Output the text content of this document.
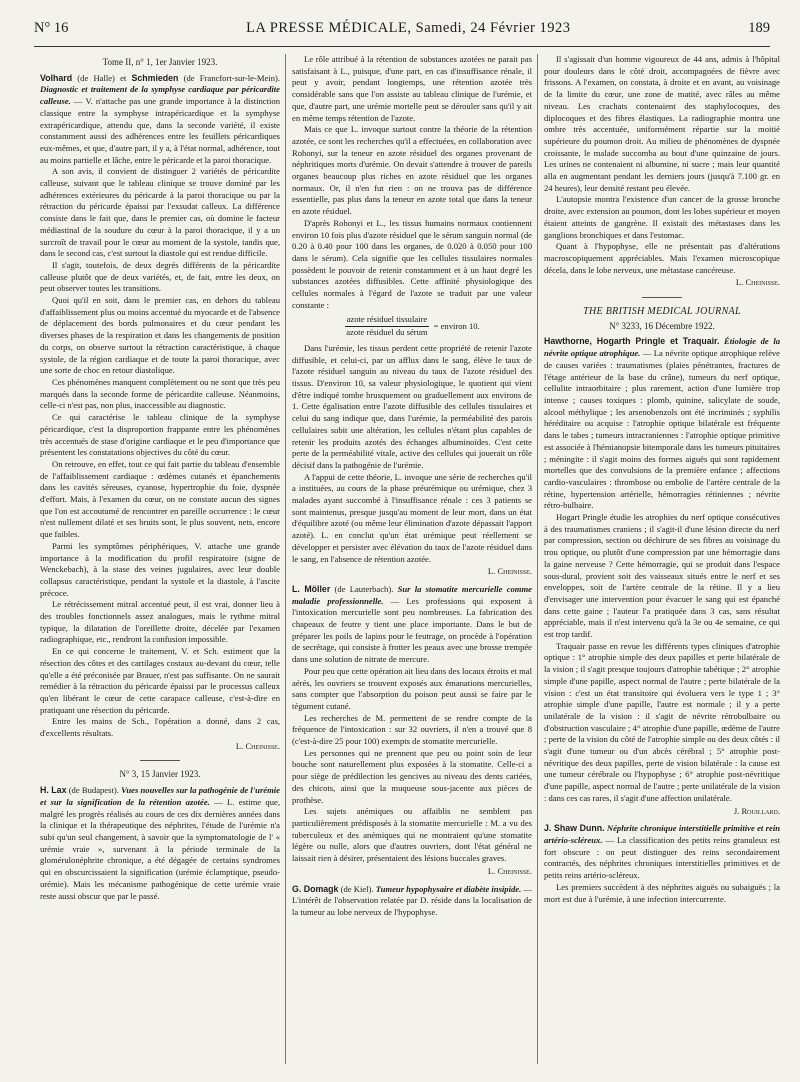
N° 16	LA PRESSE MÉDICALE, Samedi, 24 Février 1923	189
Tome II, n° 1, 1er Janvier 1923.

Volhard (de Halle) et Schmieden (de Francfort-sur-le-Mein). Diagnostic et traitement de la symphyse cardiaque par péricardite calleuse. — V. n'attache pas une grande importance à la distinction classique entre la symphyse intrapéricardique et la symphyse extrapéricardique, attendu que, dans la seconde variété, il existe constamment aussi des adhérences entre les feuillets péricardiques eux-mêmes, et que, d'autre part, il y a, à l'état normal, adhérence, tout au moins partielle et lâche, entre le péricarde et la paroi thoracique.

A son avis, il convient de distinguer 2 variétés de péricardite calleuse, suivant que le tableau clinique se trouve dominé par les adhérences extérieures du péricarde à la paroi thoracique ou par la rétraction du péricarde épaissi par l'exsudat calleux. La différence consiste dans le fait que, dans le premier cas, où domine le facteur médiastinal de la soudure du cœur à la paroi thoracique, il y a un surcroît de travail pour le cœur au moment de la systole, tandis que, dans le second cas, c'est surtout la diastole qui est rendue difficile.

Il s'agit, toutefois, de deux degrés différents de la péricardite calleuse plutôt que de deux variétés, et, de fait, entre les deux, on peut observer toutes les transitions.

Quoi qu'il en soit, dans le premier cas, en dehors du tableau d'affaiblissement plus ou moins accentué du myocarde et de l'absence de déplacement des bords pulmonaires et du cœur pendant les diverses phases de la respiration et dans les changements de position du corps, on observe surtout la rétraction caractéristique, à chaque systole, de la région cardiaque et de toute la paroi thoracique, avec une sorte de choc en retour diastolique.

Ces phénomènes manquent complètement ou ne sont que très peu marqués dans la seconde forme de péricardite calleuse. Néanmoins, celle-ci n'est pas, non plus, inaccessible au diagnostic.

Ce qui caractérise le tableau clinique de la symphyse péricardique, c'est la disproportion frappante entre les phénomènes très accentués de stase d'origine cardiaque et le peu d'importance que présentent les constatations objectives du côté du cœur.

On retrouve, en effet, tout ce qui fait partie du tableau d'ensemble de l'affaiblissement cardiaque : œdèmes cutanés et épanchements dans les cavités séreuses, cyanose, hypertrophie du foie, dyspnée d'effort. Mais, à l'examen du cœur, on ne constate aucun des signes que l'on est accoutumé de rencontrer en pareille occurrence : le cœur n'est nullement dilaté et ses bruits sont, le plus souvent, nets, encore que faibles.

Parmi les symptômes périphériques, V. attache une grande importance à la modification du profil respiratoire (signe de Wenckebach), à la stase des veines jugulaires, avec leur double collapsus caractéristique, pendant la systole et la diastole, à l'ascite précoce.

Le rétrécissement mitral accentué peut, il est vrai, donner lieu à des troubles fonctionnels assez analogues, mais le rythme mitral typique, la dilatation de l'oreillette droite, décelée par l'examen radiographique, etc., rendront la confusion impossible.

En ce qui concerne le traitement, V. et Sch. estiment que la résection des côtes et des cartilages costaux au-devant du cœur, telle qu'elle a été préconisée par Brauer, n'est pas suffisante. On ne saurait remédier à la rétraction du péricarde épaissi par le processus calleux qu'en libérant le cœur de cette carapace calleuse, c'est-à-dire en pratiquant une résection du péricarde.

Entre les mains de Sch., l'opération a donné, dans 2 cas, d'excellents résultats.

L. Cheinisse.
N° 3, 15 Janvier 1923.

H. Lax (de Budapest). Vues nouvelles sur la pathogénie de l'urémie et sur la signification de la rétention azotée. — L. estime que, malgré les progrès réalisés au cours de ces dix dernières années dans la clinique et la thérapeutique des néphrites, l'étude de l'urémie n'a subi qu'un seul changement, à savoir que la symptomatologie de l' « urémie vraie », survenant à la période terminale de la glomérulonéphrite chronique, a été dégagée de certains syndromes qui en obscurcissaient la signification (urémie éclamptique, pseudo-urémie). Mais les mécanisme pathogénique de cette urémie vraie reste aussi obscur que par le passé.

Le rôle attribué à la rétention de substances azotées ne parait pas satisfaisant à L., puisque, d'une part, en cas d'insuffisance rénale, il peut y avoir, pendant longtemps, une rétention azotée très considérable sans que l'on assiste au tableau clinique de l'urémie, et que, d'autre part, une urémie mortelle peut se dérouler sans qu'il y ait en même temps rétention de l'azote.

Mais ce que L. invoque surtout contre la théorie de la rétention azotée, ce sont les recherches qu'il a effectuées, en collaboration avec Rohonyi, sur la teneur en azote résiduel des organes provenant de néphritiques morts d'urémie. On devait s'attendre à trouver de pareils organes beaucoup plus riches en azote résiduel que les organes normaux. Or, il n'en fut rien : on ne trouva pas de différence essentielle, pas plus dans la teneur en azote total que dans la teneur en azote résiduel.

D'après Rohonyi et L., les tissus humains normaux contiennent environ 10 fois plus d'azote résiduel que le sérum sanguin normal (de 0.20 à 0.40 pour 100 dans les organes, de 0.020 à 0.050 pour 100 dans le sérum). Cela signifie que les cellules tissulaires normales possèdent le pouvoir de retenir constamment et à un haut degré les substances azotées diffusibles. Cette affinité physiologique des cellules normales à l'égard de l'azote se traduit par une valeur constante :

$\frac{\text{azote résiduel tissulaire}}{\text{azote résiduel du sérum}}$ = environ 10.

Dans l'urémie, les tissus perdent cette propriété de retenir l'azote diffusible, et celui-ci, par un afflux dans le sang, élève le taux de l'azote résiduel sanguin au niveau du taux de l'azote résiduel des tissus. D'environ 10, sa valeur physiologique, le quotient qui vient d'être indiqué tombe brusquement ou graduellement aux environs de 1. Cette égalisation entre l'azote diffusible des cellules tissulaires et celui du sang indique que, dans l'urémie, la perméabilité des parois cellulaires subit une altération, les cellules n'étant plus capables de retenir les produits azotés des échanges albuminoïdes. C'est cette perte de la perméabilité vitale, active des cellules qui jouerait un rôle décisif dans la pathogénie de l'urémie.

A l'appui de cette théorie, L. invoque une série de recherches qu'il a instituées, au cours de la phase préurémique ou urémique, chez 3 malades ayant succombé à l'insuffisance rénale : ces 3 patients se sont maintenus, presque jusqu'au moment de leur mort, dans un état d'équilibre azoté (ou même leur élimination d'azote dépassait l'apport azoté). L. en conclut qu'un état urémique peut réellement se développer et persister avec élévation du taux de l'azote résiduel dans le sang, en l'absence de rétention azotée.

L. Cheinisse.

L. Möller (de Lauterbach). Sur la stomatite mercurielle comme maladie professionnelle. — Les professions qui exposent à l'intoxication mercurielle sont peu nombreuses. La fabrication des chapeaux de feutre y tient une place importante. Dans le but de préparer les poils de lapins pour le feutrage, on procède à l'opération de secrétage, qui consiste à frotter les peaux avec une brosse trempée dans une solution de nitrate de mercure.

Pour peu que cette opération ait lieu dans des locaux étroits et mal aérés, les ouvriers se trouvent exposés aux émanations mercurielles, sans compter que l'absorption du poison peut aussi se faire par le tégument cutané.

Les recherches de M. permettent de se rendre compte de la fréquence de l'intoxication : sur 32 ouvriers, il n'en a trouvé que 8 (c'est-à-dire 25 pour 100) exempts de stomatite mercurielle.

Les personnes qui ne prennent que peu ou point soin de leur bouche sont naturellement plus exposées à la stomatite. Celle-ci a pour siège de prédilection les gencives au niveau des dents cariées, des chicots, ainsi que la muqueuse sous-jacente aux pièces de prothèse.

Les sujets anémiques ou affaiblis ne semblent pas particulièrement prédisposés à la stomatite mercurielle : M. a vu des tuberculeux et des anémiques qui ne montraient qu'une stomatite légère ou nulle, alors que d'autres ouvriers, dont l'état général ne laissait rien à désirer, présentaient des lésions buccales graves.

L. Cheinisse.

G. Domagk (de Kiel). Tumeur hypophysaire et diabète insipide. — L'intérêt de l'observation relatée par D. réside dans la localisation de la tumeur au lobe nerveux de l'hypophyse.

Il s'agissait d'un homme vigoureux de 44 ans, admis à l'hôpital pour douleurs dans le côté droit, accompagnées de fièvre avec frissons. A l'examen, on constata, à droite et en avant, au voisinage de la limite du cœur, une zone de matité, avec râles au même niveau. Les crachats contenaient des staphylocoques, des diplocoques et des fibres élastiques. La radiographie montra une ombre très accentuée, uniformément répartie sur la moitié supérieure du poumon droit. Au milieu de phénomènes de dyspnée croissante, le malade succomba au bout d'une quinzaine de jours. Les urines ne contenaient ni albumine, ni sucre ; mais leur quantité alla en augmentant pendant les derniers jours (jusqu'à 7.100 gr. en 24 heures), leur densité restant peu élevée.

L'autopsie montra l'existence d'un cancer de la grosse bronche droite, avec extension au poumon, dont les lobes supérieur et moyen étaient atteints de gangrène. Il existait des métastases dans les ganglions bronchiques et dans l'estomac.

Quant à l'hypophyse, elle ne présentait pas d'altérations macroscopiquement appréciables. Mais l'examen microscopique décela, dans le lobe nerveux, une métastase cancéreuse.

L. Cheinisse.
THE BRITISH MEDICAL JOURNAL
N° 3233, 16 Décembre 1922.

Hawthorne, Hogarth Pringle et Traquair. Étiologie de la névrite optique atrophique. — La névrite optique atrophique relève de causes variées : traumatismes (plaies pénétrantes, fractures de l'étage antérieur de la base du crâne), tumeurs du nerf optique, cellulite intraorbitaire ; plus rarement, action d'une lumière trop intense ; causes toxiques : plomb, quinine, salicylate de soude, alcool méthylique ; les arsenobenzols ont été incriminés ; syphilis héréditaire ou acquise : l'atrophie optique bilatérale est fréquente dans le tabes ; tumeurs intracraniennes : l'atrophie optique primitive est associée à l'hémianopsie bitemporale dans les tumeurs pituitaires ; méningite : il s'agit moins des formes aiguës qui sont rapidement mortelles que des convulsions de la première enfance ; affections cardio-vasculaires : thrombose ou embolie de l'artère centrale de la rétine, hypertension artérielle, hémorragies rétiniennes ; névrite rétro-bulbaire.

Hogart Pringle étudie les atrophies du nerf optique consécutives à des traumatismes craniens ; il s'agit-il d'une lésion directe du nerf par compression, section ou déchirure de ses fibres au voisinage du trou optique, ou plutôt d'une compression par une hémorragie dans la gaine nerveuse ? Cette hémorragie, qui se produit dans l'espace sous-dural, provient soit des vaisseaux situés entre le nerf et ses enveloppes, soit de l'artère centrale de la rétine. Il y a lieu d'envisager une intervention pour évacuer le sang qui est épanché dans cette gaine ; l'auteur l'a pratiquée dans 3 cas, sans résultat appréciable, mais il n'est intervenu qu'à la 3e ou 4e semaine, ce qui est trop tardif.

Traquair passe en revue les différents types cliniques d'atrophie optique : 1° atrophie simple des deux papilles et perte bilatérale de la vision ; il s'agit presque toujours d'atrophie tabétique ; 2° atrophie simple d'une papille, aspect normal de l'autre ; perte bilatérale de la vision : c'est un état transitoire qui évoluera vers le type 1 ; 3° atrophie simple d'une papille, l'autre est normale ; il y a perte unilatérale de la vision : il s'agit de névrite rétrobulbaire ou d'obstruction vasculaire ; 4° atrophie d'une papille, œdème de l'autre ; perte de la vision du côté de l'atrophie simple ou des deux côtés : il s'agit d'une tumeur ou d'un abcès cérébral ; 5° atrophie post-névritique des deux papilles, perte de vision bilatérale : la cause est une tumeur cérébrale ou l'hypophyse ; 6° atrophie post-névritique d'une papille, aspect normal de l'autre ; perte unilatérale de la vision : dans ces cas rares, il s'agit d'une affection unilatérale.

J. Rouillard.

J. Shaw Dunn. Néphrite chronique interstitielle primitive et rein artério-scléreux. — La classification des petits reins granuleux est fort obscure : on peut distinguer des reins secondairement contractés, des néphrites chroniques interstitielles primitives et de petits reins artério-scléreux.

Les premiers succèdent à des néphrites aiguës ou subaiguës ; la mort est due à l'urémie, à une infection intercurrente.
